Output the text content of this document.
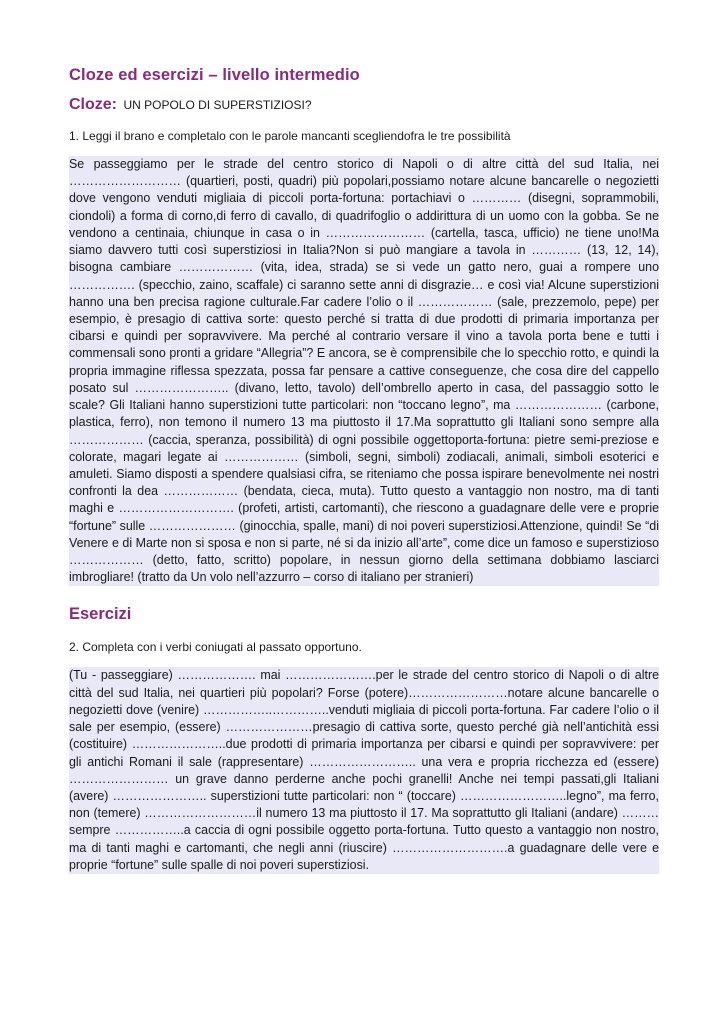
Cloze ed esercizi – livello intermedio
Cloze: UN POPOLO DI SUPERSTIZIOSI?
1. Leggi il brano e completalo con le parole mancanti scegliendofra le tre possibilità
Se passeggiamo per le strade del centro storico di Napoli o di altre città del sud Italia, nei ……………………… (quartieri, posti, quadri) più popolari,possiamo notare alcune bancarelle o negozietti dove vengono venduti migliaia di piccoli porta-fortuna: portachiavi o ………… (disegni, soprammobili, ciondoli) a forma di corno,di ferro di cavallo, di quadrifoglio o addirittura di un uomo con la gobba. Se ne vendono a centinaia, chiunque in casa o in …………………… (cartella, tasca, ufficio) ne tiene uno!Ma siamo davvero tutti così superstiziosi in Italia?Non si può mangiare a tavola in ………… (13, 12, 14), bisogna cambiare ……………… (vita, idea, strada) se si vede un gatto nero, guai a rompere uno ……………. (specchio, zaino, scaffale) ci saranno sette anni di disgrazie… e così via! Alcune superstizioni hanno una ben precisa ragione culturale.Far cadere l’olio o il ……………… (sale, prezzemolo, pepe) per esempio, è presagio di cattiva sorte: questo perché si tratta di due prodotti di primaria importanza per cibarsi e quindi per sopravvivere. Ma perché al contrario versare il vino a tavola porta bene e tutti i commensali sono pronti a gridare “Allegria”? E ancora, se è comprensibile che lo specchio rotto, e quindi la propria immagine riflessa spezzata, possa far pensare a cattive conseguenze, che cosa dire del cappello posato sul ………………….. (divano, letto, tavolo) dell’ombrello aperto in casa, del passaggio sotto le scale? Gli Italiani hanno superstizioni tutte particolari: non “toccano legno”, ma ………………… (carbone, plastica, ferro), non temono il numero 13 ma piuttosto il 17.Ma soprattutto gli Italiani sono sempre alla ……………… (caccia, speranza, possibilità) di ogni possibile oggettoporta-fortuna: pietre semi-preziose e colorate, magari legate ai ……………… (simboli, segni, simboli) zodiacali, animali, simboli esoterici e amuleti. Siamo disposti a spendere qualsiasi cifra, se riteniamo che possa ispirare benevolmente nei nostri confronti la dea ……………… (bendata, cieca, muta). Tutto questo a vantaggio non nostro, ma di tanti maghi e ………………………. (profeti, artisti, cartomanti), che riescono a guadagnare delle vere e proprie “fortune” sulle ………………… (ginocchia, spalle, mani) di noi poveri superstiziosi.Attenzione, quindi! Se “di Venere e di Marte non si sposa e non si parte, né si da inizio all’arte”, come dice un famoso e superstizioso ……………… (detto, fatto, scritto) popolare, in nessun giorno della settimana dobbiamo lasciarci imbrogliare! (tratto da Un volo nell’azzurro – corso di italiano per stranieri)
Esercizi
2. Completa con i verbi coniugati al passato opportuno.
(Tu - passeggiare) ………………. mai ………………….per le strade del centro storico di Napoli o di altre città del sud Italia, nei quartieri più popolari? Forse (potere)……………………notare alcune bancarelle o negozietti dove (venire) ……………..…………..venduti migliaia di piccoli porta-fortuna. Far cadere l’olio o il sale per esempio, (essere) …………………presagio di cattiva sorte, questo perché già nell’antichità essi (costituire) …………………..due prodotti di primaria importanza per cibarsi e quindi per sopravvivere: per gli antichi Romani il sale (rappresentare) …………………….. una vera e propria ricchezza ed (essere) …………………… un grave danno perderne anche pochi granelli! Anche nei tempi passati,gli Italiani (avere) ………………….. superstizioni tutte particolari: non “ (toccare) ……………………..legno”, ma ferro, non (temere) ………………………il numero 13 ma piuttosto il 17. Ma soprattutto gli Italiani (andare) ……… sempre ……………..a caccia di ogni possibile oggetto porta-fortuna. Tutto questo a vantaggio non nostro, ma di tanti maghi e cartomanti, che negli anni (riuscire) ……………………….a guadagnare delle vere e proprie “fortune” sulle spalle di noi poveri superstiziosi.
